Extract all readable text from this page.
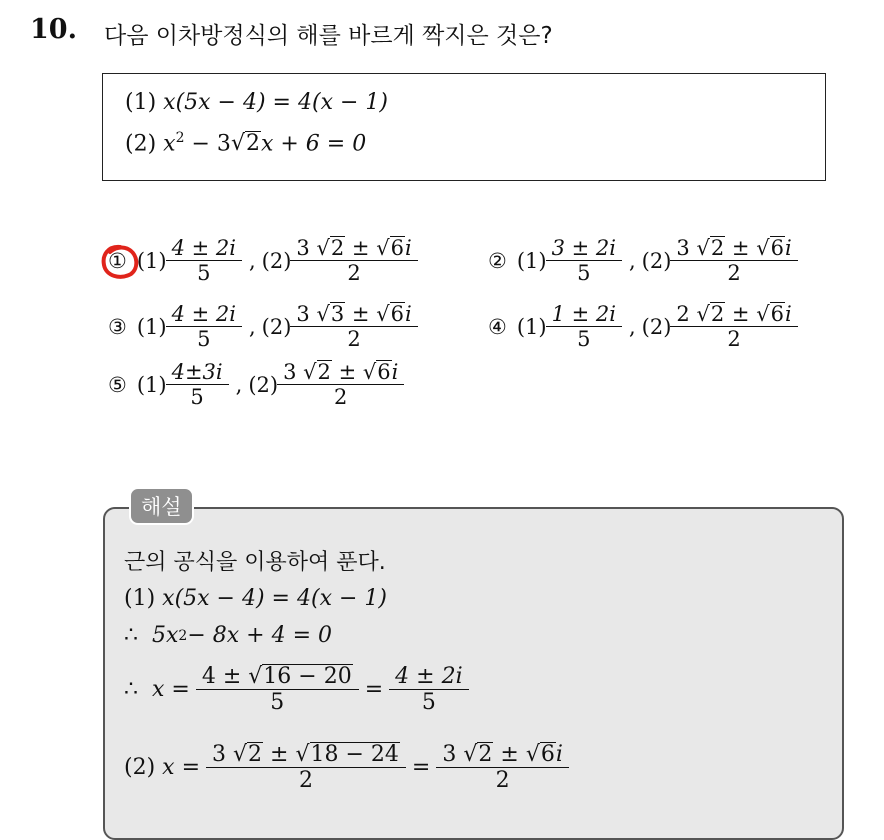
10. 다음 이차방정식의 해를 바르게 짝지은 것은?
(1) x(5x − 4) = 4(x − 1)
(2) $x^2 - 3√2x + 6 = 0$
① $(1) \frac{4 \pm 2i}{5}$ , $(2) \frac{3 √2 \pm √6i}{2}$	② $(1) \frac{3 \pm 2i}{5}$ , $(2) \frac{3 √2 \pm √6i}{2}$
③ $(1) \frac{4 \pm 2i}{5}$ , $(2) \frac{3 √3 \pm √6i}{2}$	④ $(1) \frac{1 \pm 2i}{5}$ , $(2) \frac{2 √2 \pm √6i}{2}$
⑤ $(1) \frac{4\pm 3i}{5}$ , $(2) \frac{3 √2 \pm √6i}{2}$
해설
근의 공식을 이용하여 푼다.
(1)
x(5x − 4) = 4(x − 1)
∴
5x 2 − 8x + 4 = 0
∴
x =
$\frac{4 \pm √16 - 20}{5}$
=
$\frac{4 \pm 2i}{5}$
(2)
x =
$\frac{3 √2 \pm √18 - 24}{2}$
=
$\frac{3 √2 \pm √6i}{2}$
